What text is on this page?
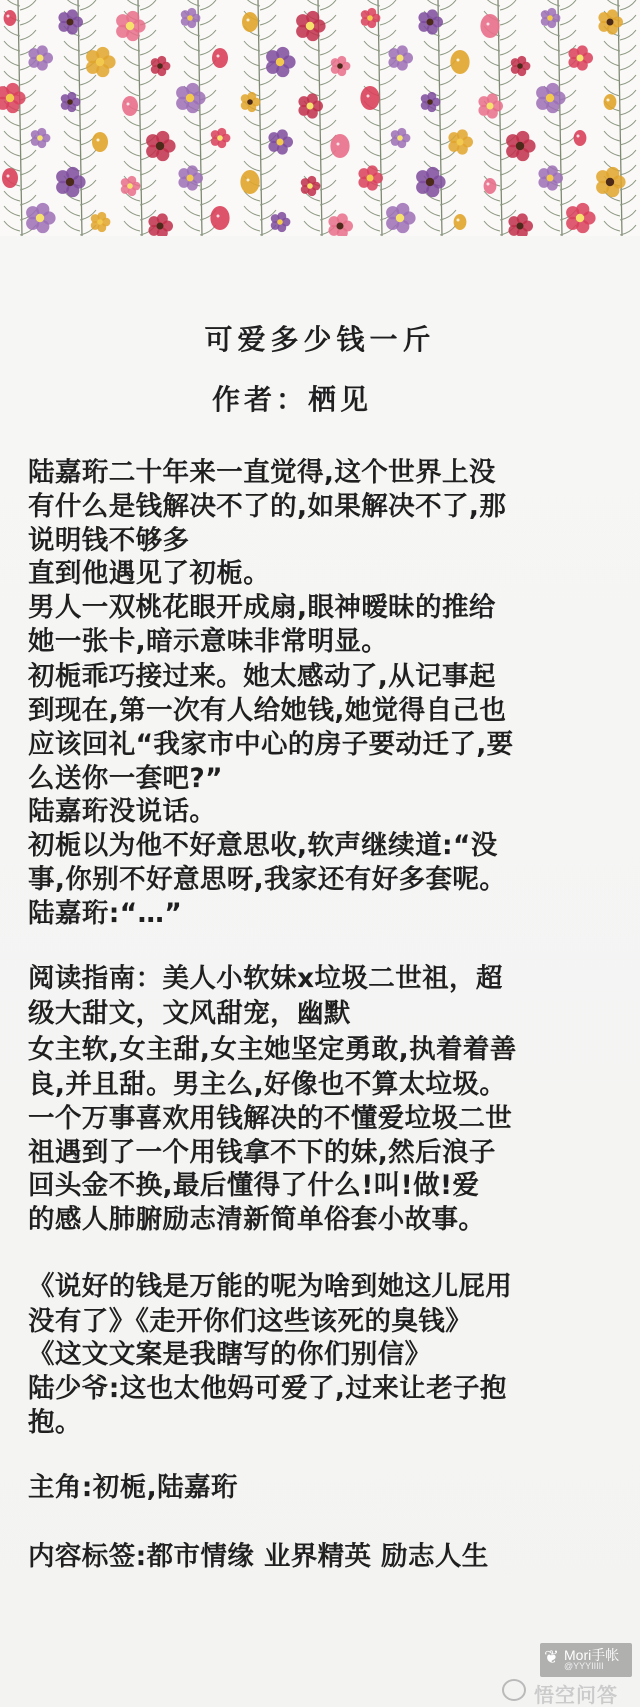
可爱多少钱一斤
作者：栖见
陆嘉珩二十年来一直觉得,这个世界上没
有什么是钱解决不了的,如果解决不了,那
说明钱不够多
直到他遇见了初栀。
男人一双桃花眼开成扇,眼神暧昧的推给
她一张卡,暗示意味非常明显。
初栀乖巧接过来。她太感动了,从记事起
到现在,第一次有人给她钱,她觉得自己也
应该回礼“我家市中心的房子要动迁了,要
么送你一套吧?”
陆嘉珩没说话。
初栀以为他不好意思收,软声继续道:“没
事,你别不好意思呀,我家还有好多套呢。
陆嘉珩:“…”
阅读指南：美人小软妹x垃圾二世祖，超
级大甜文，文风甜宠，幽默
女主软,女主甜,女主她坚定勇敢,执着着善
良,并且甜。男主么,好像也不算太垃圾。
一个万事喜欢用钱解决的不懂爱垃圾二世
祖遇到了一个用钱拿不下的妹,然后浪子
回头金不换,最后懂得了什么!叫!做!爱
的感人肺腑励志清新简单俗套小故事。
《说好的钱是万能的呢为啥到她这儿屁用
没有了》《走开你们这些该死的臭钱》
《这文文案是我瞎写的你们别信》
陆少爷:这也太他妈可爱了,过来让老子抱
抱。
主角:初栀,陆嘉珩
内容标签:都市情缘 业界精英 励志人生
❦ Mori手帐
@YYYIIIII
悟空问答
